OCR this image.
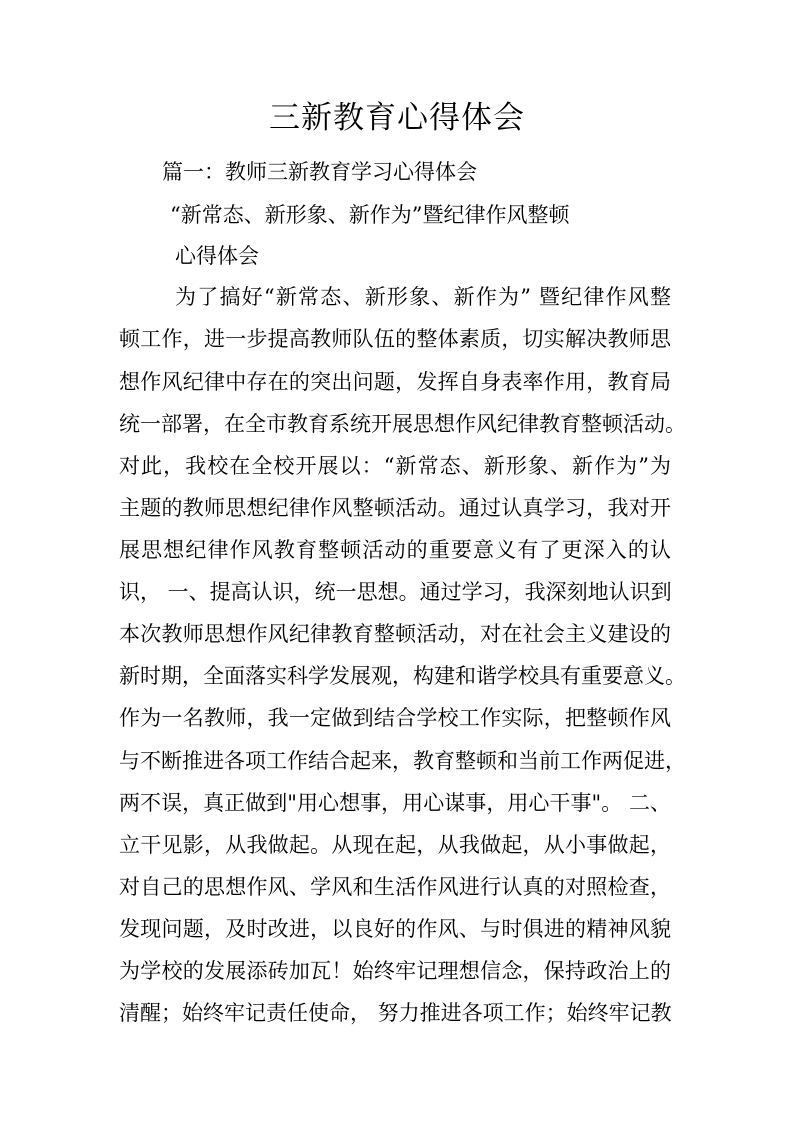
三新教育心得体会
篇一：教师三新教育学习心得体会
“新常态、新形象、新作为”暨纪律作风整顿
心得体会
为了搞好“新常态、新形象、新作为” 暨纪律作风整
顿工作，进一步提高教师队伍的整体素质，切实解决教师思
想作风纪律中存在的突出问题，发挥自身表率作用，教育局
统一部署，在全市教育系统开展思想作风纪律教育整顿活动。
对此，我校在全校开展以：“新常态、新形象、新作为”为
主题的教师思想纪律作风整顿活动。通过认真学习，我对开
展思想纪律作风教育整顿活动的重要意义有了更深入的认
识， 一、提高认识，统一思想。通过学习，我深刻地认识到
本次教师思想作风纪律教育整顿活动，对在社会主义建设的
新时期，全面落实科学发展观，构建和谐学校具有重要意义。
作为一名教师，我一定做到结合学校工作实际，把整顿作风
与不断推进各项工作结合起来，教育整顿和当前工作两促进，
两不误，真正做到"用心想事，用心谋事，用心干事"。 二、
立干见影，从我做起。从现在起，从我做起，从小事做起，
对自己的思想作风、学风和生活作风进行认真的对照检查，
发现问题，及时改进，以良好的作风、与时俱进的精神风貌
为学校的发展添砖加瓦！始终牢记理想信念，保持政治上的
清醒；始终牢记责任使命， 努力推进各项工作；始终牢记教
